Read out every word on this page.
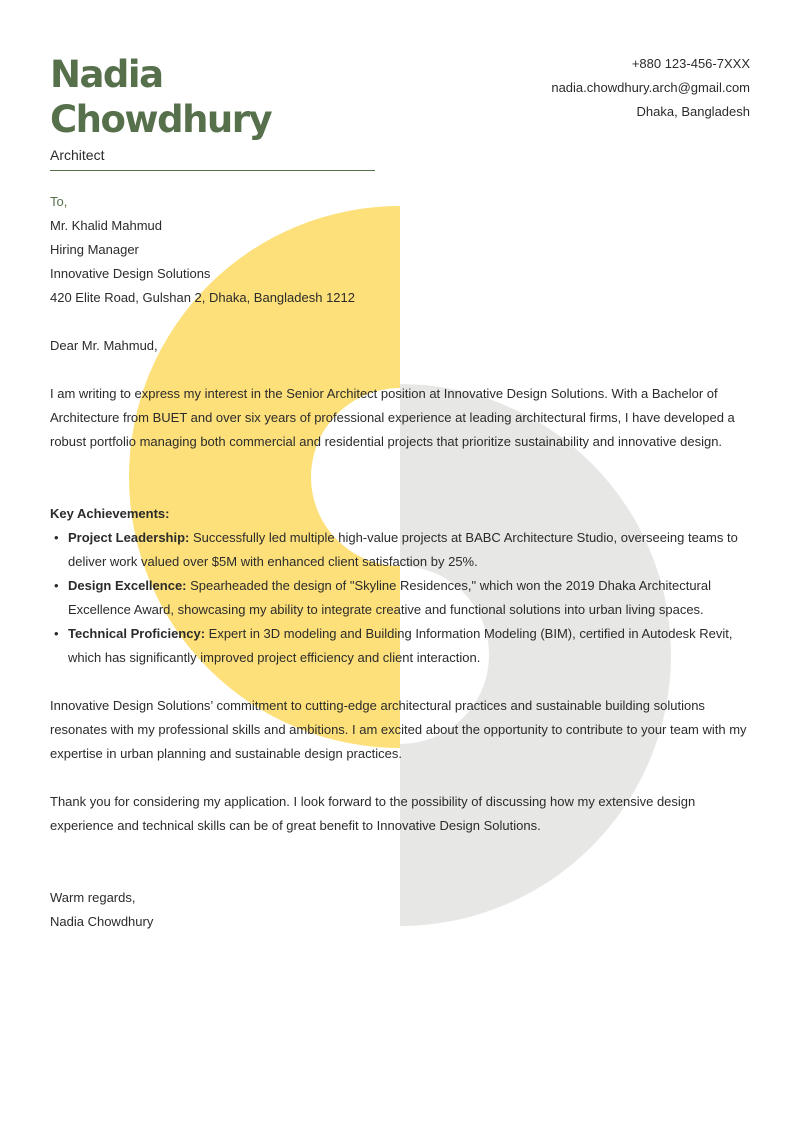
Nadia
Chowdhury
Architect
+880 123-456-7XXX
nadia.chowdhury.arch@gmail.com
Dhaka, Bangladesh
To,
Mr. Khalid Mahmud
Hiring Manager
Innovative Design Solutions
420 Elite Road, Gulshan 2, Dhaka, Bangladesh 1212

Dear Mr. Mahmud,

I am writing to express my interest in the Senior Architect position at Innovative Design Solutions. With a Bachelor of Architecture from BUET and over six years of professional experience at leading architectural firms, I have developed a robust portfolio managing both commercial and residential projects that prioritize sustainability and innovative design.

Key Achievements:

• Project Leadership: Successfully led multiple high-value projects at BABC Architecture Studio, overseeing teams to deliver work valued over $5M with enhanced client satisfaction by 25%.
• Design Excellence: Spearheaded the design of "Skyline Residences," which won the 2019 Dhaka Architectural Excellence Award, showcasing my ability to integrate creative and functional solutions into urban living spaces.
• Technical Proficiency: Expert in 3D modeling and Building Information Modeling (BIM), certified in Autodesk Revit, which has significantly improved project efficiency and client interaction.

Innovative Design Solutions’ commitment to cutting-edge architectural practices and sustainable building solutions resonates with my professional skills and ambitions. I am excited about the opportunity to contribute to your team with my expertise in urban planning and sustainable design practices.

Thank you for considering my application. I look forward to the possibility of discussing how my extensive design experience and technical skills can be of great benefit to Innovative Design Solutions.

Warm regards,
Nadia Chowdhury
